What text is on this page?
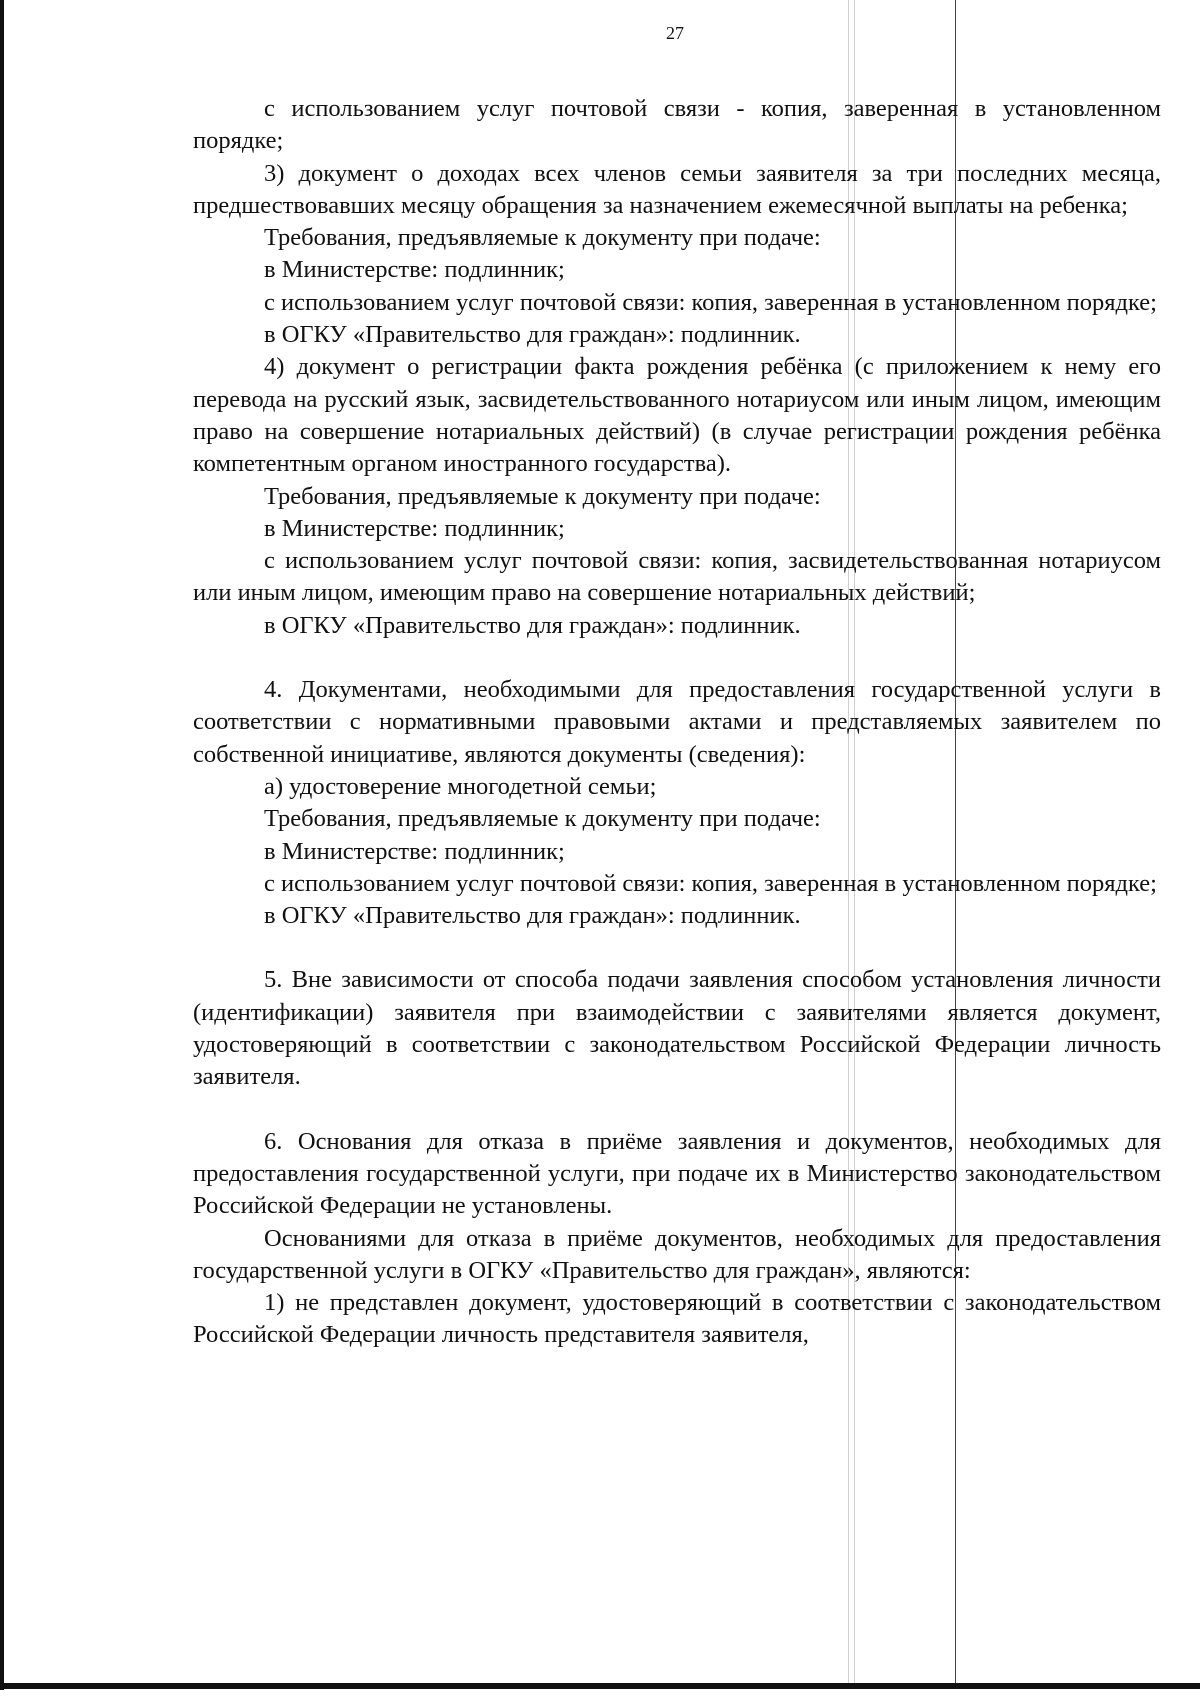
27

с использованием услуг почтовой связи - копия, заверенная в установленном порядке;

3) документ о доходах всех членов семьи заявителя за три последних месяца, предшествовавших месяцу обращения за назначением ежемесячной выплаты на ребенка;

Требования, предъявляемые к документу при подаче:

в Министерстве: подлинник;

с использованием услуг почтовой связи: копия, заверенная в установленном порядке;

в ОГКУ «Правительство для граждан»: подлинник.

4) документ о регистрации факта рождения ребёнка (с приложением к нему его перевода на русский язык, засвидетельствованного нотариусом или иным лицом, имеющим право на совершение нотариальных действий) (в случае регистрации рождения ребёнка компетентным органом иностранного государства).

Требования, предъявляемые к документу при подаче:

в Министерстве: подлинник;

с использованием услуг почтовой связи: копия, засвидетельствованная нотариусом или иным лицом, имеющим право на совершение нотариальных действий;

в ОГКУ «Правительство для граждан»: подлинник.

4. Документами, необходимыми для предоставления государственной услуги в соответствии с нормативными правовыми актами и представляемых заявителем по собственной инициативе, являются документы (сведения):

а) удостоверение многодетной семьи;

Требования, предъявляемые к документу при подаче:

в Министерстве: подлинник;

с использованием услуг почтовой связи: копия, заверенная в установленном порядке;

в ОГКУ «Правительство для граждан»: подлинник.

5. Вне зависимости от способа подачи заявления способом установления личности (идентификации) заявителя при взаимодействии с заявителями является документ, удостоверяющий в соответствии с законодательством Российской Федерации личность заявителя.

6. Основания для отказа в приёме заявления и документов, необходимых для предоставления государственной услуги, при подаче их в Министерство законодательством Российской Федерации не установлены.

Основаниями для отказа в приёме документов, необходимых для предоставления государственной услуги в ОГКУ «Правительство для граждан», являются:

1) не представлен документ, удостоверяющий в соответствии с законодательством Российской Федерации личность представителя заявителя,
